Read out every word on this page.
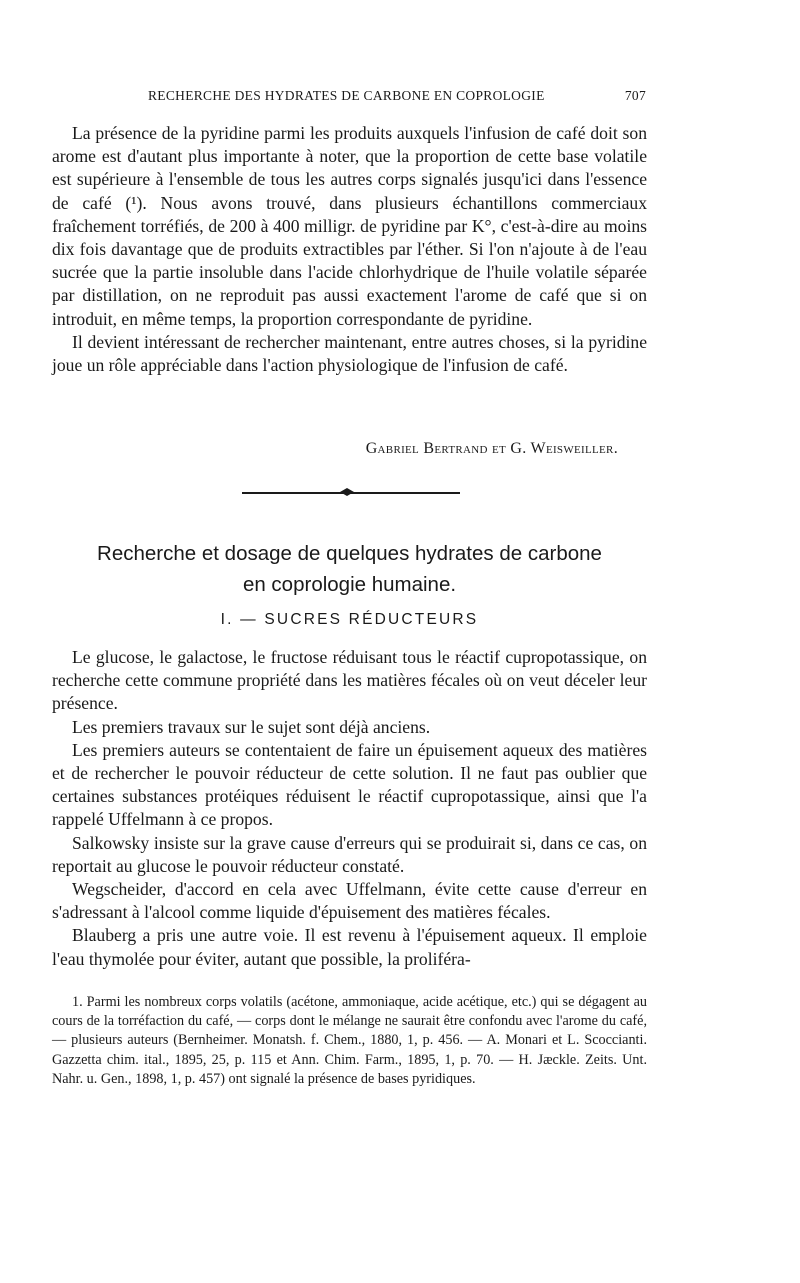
RECHERCHE DES HYDRATES DE CARBONE EN COPROLOGIE	707

La présence de la pyridine parmi les produits auxquels l'infusion de café doit son arome est d'autant plus importante à noter, que la proportion de cette base volatile est supérieure à l'ensemble de tous les autres corps signalés jusqu'ici dans l'essence de café (¹). Nous avons trouvé, dans plusieurs échantillons commerciaux fraîchement torréfiés, de 200 à 400 milligr. de pyridine par K°, c'est-à-dire au moins dix fois davantage que de produits extractibles par l'éther. Si l'on n'ajoute à de l'eau sucrée que la partie insoluble dans l'acide chlorhydrique de l'huile volatile séparée par distillation, on ne reproduit pas aussi exactement l'arome de café que si on introduit, en même temps, la proportion correspondante de pyridine.

Il devient intéressant de rechercher maintenant, entre autres choses, si la pyridine joue un rôle appréciable dans l'action physiologique de l'infusion de café.

Gabriel Bertrand et G. Weisweiller.
Recherche et dosage de quelques hydrates de carbone
en coprologie humaine.
I. — SUCRES RÉDUCTEURS

Le glucose, le galactose, le fructose réduisant tous le réactif cupropotassique, on recherche cette commune propriété dans les matières fécales où on veut déceler leur présence.

Les premiers travaux sur le sujet sont déjà anciens.

Les premiers auteurs se contentaient de faire un épuisement aqueux des matières et de rechercher le pouvoir réducteur de cette solution. Il ne faut pas oublier que certaines substances protéiques réduisent le réactif cupropotassique, ainsi que l'a rappelé Uffelmann à ce propos.

Salkowsky insiste sur la grave cause d'erreurs qui se produirait si, dans ce cas, on reportait au glucose le pouvoir réducteur constaté.

Wegscheider, d'accord en cela avec Uffelmann, évite cette cause d'erreur en s'adressant à l'alcool comme liquide d'épuisement des matières fécales.

Blauberg a pris une autre voie. Il est revenu à l'épuisement aqueux. Il emploie l'eau thymolée pour éviter, autant que possible, la proliféra-

1. Parmi les nombreux corps volatils (acétone, ammoniaque, acide acétique, etc.) qui se dégagent au cours de la torréfaction du café, — corps dont le mélange ne saurait être confondu avec l'arome du café, — plusieurs auteurs (Bernheimer. Monatsh. f. Chem., 1880, 1, p. 456. — A. Monari et L. Scoccianti. Gazzetta chim. ital., 1895, 25, p. 115 et Ann. Chim. Farm., 1895, 1, p. 70. — H. Jæckle. Zeits. Unt. Nahr. u. Gen., 1898, 1, p. 457) ont signalé la présence de bases pyridiques.
